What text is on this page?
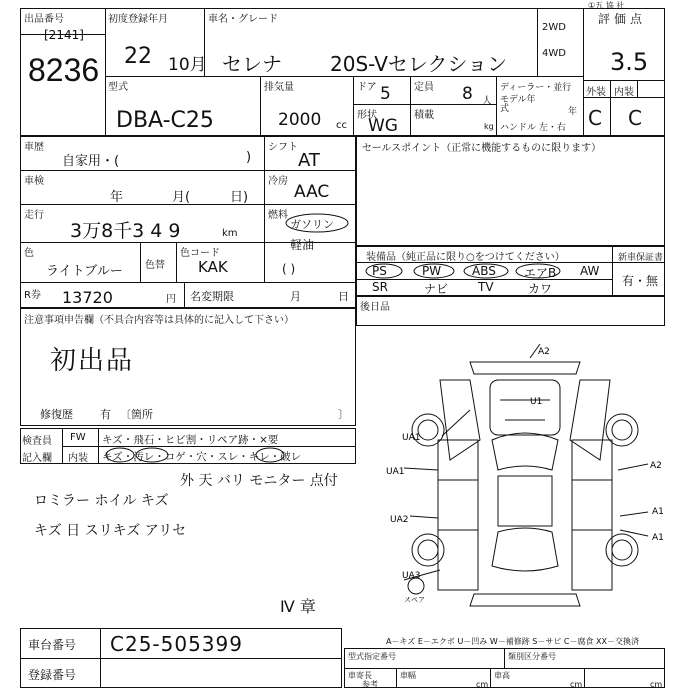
出品番号
[2141]
8236
初度登録年月
22 10月
車名・グレード
セレナ 20S-Vセレクション
2WD
4WD
①五 協 社
評価点
3.5
型式
DBA-C25
排気量
2000 cc
ドア 5 定員 8 人
形状
WG
積載
kg
ディーラー・並行
モデル年式	年
ハンドル 左・右
外装 内装
C C
車歴
自家用・(	)
車検
年	月(	日)
走行
3万8千3 4 9	km
色
ライトブルー 色替
色コード
KAK
R券 13720	円 名変期限	月	日
シフト
AT
冷房
AAC
燃料
ガソリン
軽油
( )
注意事項申告欄（不具合内容等は具体的に記入して下さい）
初出品
修復歴 有 〔箇所	〕
セールスポイント（正常に機能するものに限ります）
装備品（純正品に限り○をつけてください）	新車保証書
有・無
PS	PW	ABS エアB AW
SR	ナビ TV	カワ
後日品
検査員
記入欄
FW キズ・飛石・ヒビ割・リペア跡・×要
内装 キズ・汚レ・コゲ・穴・スレ・キレ・破レ
外 天 バリ モニター 点付
ロミラー ホイル キズ
キズ 日 スリキズ アリセ
Ⅳ 章
A2
U1
A2
A1
A1
UA1
UA2
UA3
UA1
スペア
A－キズ E－エクボ U－凹み W－補修跡 S－サビ C－腐食 XX－交換済
車台番号 C25-505399
登録番号
型式指定番号	類別区分番号
車寄長
参考	cm
車幅
cm
車高
cm
